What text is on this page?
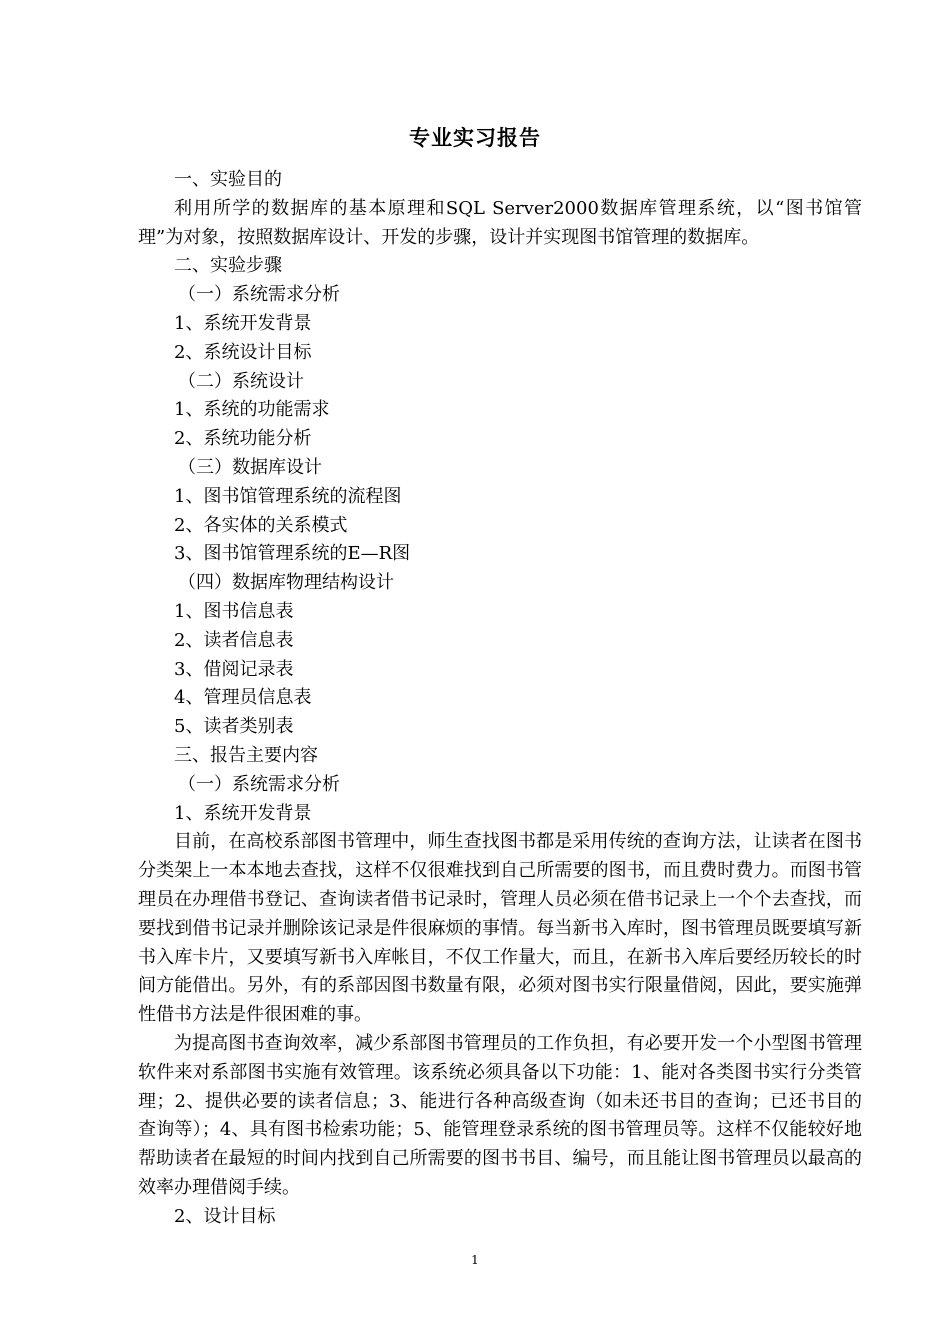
专业实习报告
一、实验目的

利用所学的数据库的基本原理和SQL Server2000数据库管理系统，以“图书馆管理”为对象，按照数据库设计、开发的步骤，设计并实现图书馆管理的数据库。

二、实验步骤
（一）系统需求分析
1、系统开发背景
2、系统设计目标
（二）系统设计
1、系统的功能需求
2、系统功能分析
（三）数据库设计
1、图书馆管理系统的流程图
2、各实体的关系模式
3、图书馆管理系统的E—R图
（四）数据库物理结构设计
1、图书信息表
2、读者信息表
3、借阅记录表
4、管理员信息表
5、读者类别表
三、报告主要内容
（一）系统需求分析
1、系统开发背景

目前，在高校系部图书管理中，师生查找图书都是采用传统的查询方法，让读者在图书分类架上一本本地去查找，这样不仅很难找到自己所需要的图书，而且费时费力。而图书管理员在办理借书登记、查询读者借书记录时，管理人员必须在借书记录上一个个去查找，而要找到借书记录并删除该记录是件很麻烦的事情。每当新书入库时，图书管理员既要填写新书入库卡片，又要填写新书入库帐目，不仅工作量大，而且，在新书入库后要经历较长的时间方能借出。另外，有的系部因图书数量有限，必须对图书实行限量借阅，因此，要实施弹性借书方法是件很困难的事。

为提高图书查询效率，减少系部图书管理员的工作负担，有必要开发一个小型图书管理软件来对系部图书实施有效管理。该系统必须具备以下功能：1、能对各类图书实行分类管理；2、提供必要的读者信息；3、能进行各种高级查询（如未还书目的查询；已还书目的查询等）；4、具有图书检索功能；5、能管理登录系统的图书管理员等。这样不仅能较好地帮助读者在最短的时间内找到自己所需要的图书书目、编号，而且能让图书管理员以最高的效率办理借阅手续。

2、设计目标
1
